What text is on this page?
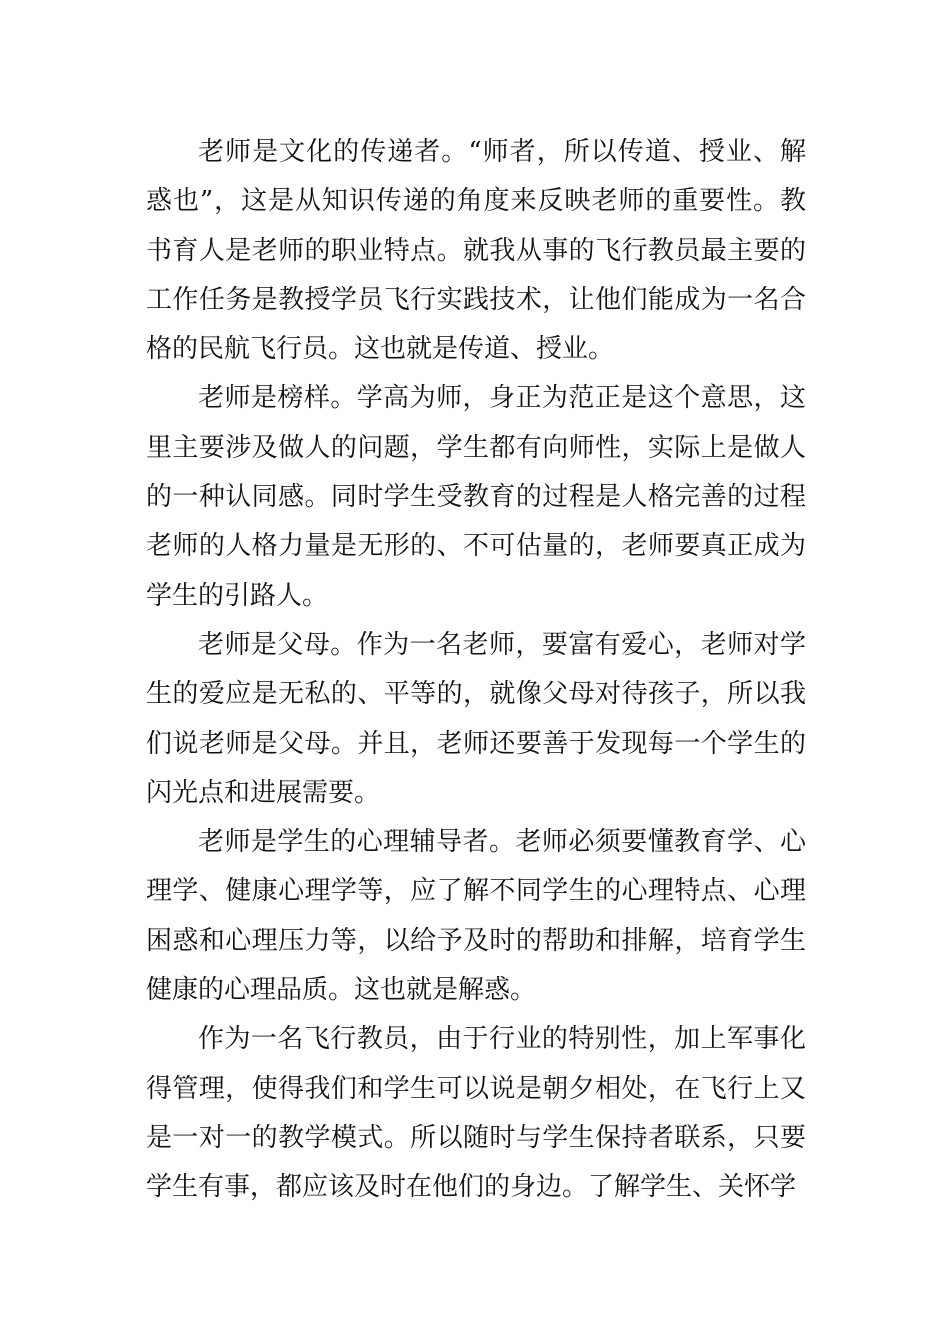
老师是文化的传递者。“师者，所以传道、授业、解惑也”，这是从知识传递的角度来反映老师的重要性。教书育人是老师的职业特点。就我从事的飞行教员最主要的工作任务是教授学员飞行实践技术，让他们能成为一名合格的民航飞行员。这也就是传道、授业。

老师是榜样。学高为师，身正为范正是这个意思，这里主要涉及做人的问题，学生都有向师性，实际上是做人的一种认同感。同时学生受教育的过程是人格完善的过程老师的人格力量是无形的、不可估量的，老师要真正成为学生的引路人。

老师是父母。作为一名老师，要富有爱心，老师对学生的爱应是无私的、平等的，就像父母对待孩子，所以我们说老师是父母。并且，老师还要善于发现每一个学生的闪光点和进展需要。

老师是学生的心理辅导者。老师必须要懂教育学、心理学、健康心理学等，应了解不同学生的心理特点、心理困惑和心理压力等，以给予及时的帮助和排解，培育学生健康的心理品质。这也就是解惑。

作为一名飞行教员，由于行业的特别性，加上军事化得管理，使得我们和学生可以说是朝夕相处，在飞行上又是一对一的教学模式。所以随时与学生保持者联系，只要学生有事，都应该及时在他们的身边。了解学生、关怀学
